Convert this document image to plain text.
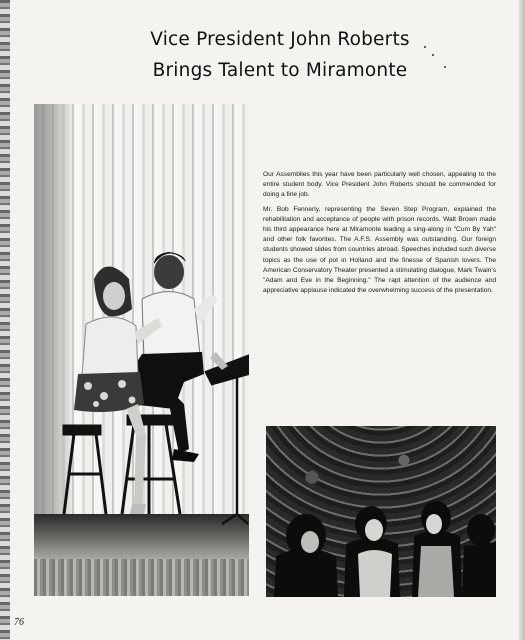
Vice President John Roberts
Brings Talent to Miramonte

Our Assemblies this year have been particularly well chosen, appealing to the entire student body. Vice President John Roberts should be commended for doing a fine job.

Mr. Bob Fennerly, representing the Seven Step Program, explained the rehabilitation and acceptance of people with prison records. Walt Brown made his third appearance here at Miramonte leading a sing-along in "Cum By Yah" and other folk favorites. The A.F.S. Assembly was outstanding. Our foreign students showed slides from countries abroad. Speeches included such diverse topics as the use of pot in Holland and the finesse of Spanish lovers. The American Conservatory Theater presented a stimulating dialogue, Mark Twain's "Adam and Eve in the Beginning." The rapt attention of the audience and appreciative applause indicated the overwhelming success of the presentation.

76
